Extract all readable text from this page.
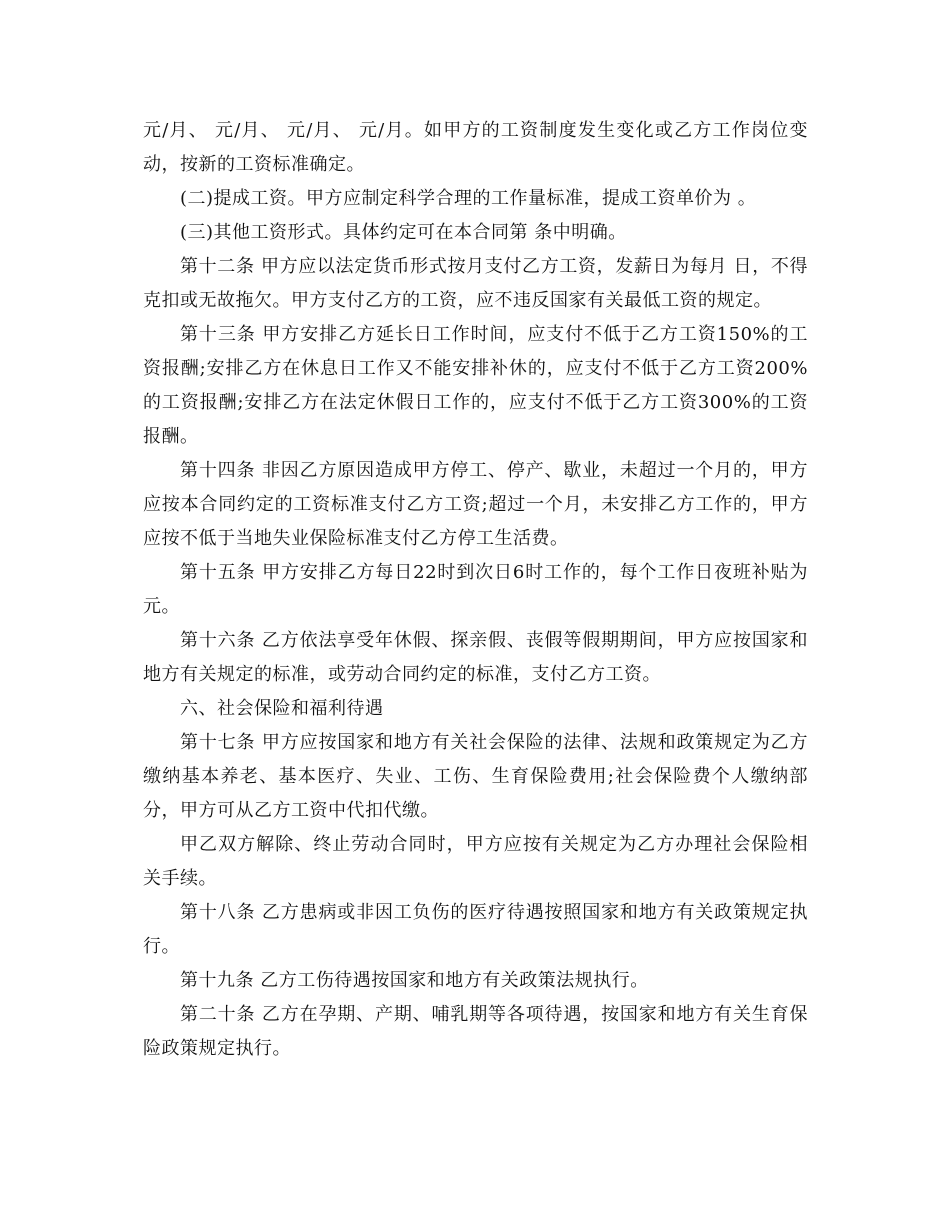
元/月、 元/月、 元/月、 元/月。如甲方的工资制度发生变化或乙方工作岗位变动，按新的工资标准确定。

(二)提成工资。甲方应制定科学合理的工作量标准，提成工资单价为 。

(三)其他工资形式。具体约定可在本合同第 条中明确。

第十二条 甲方应以法定货币形式按月支付乙方工资，发薪日为每月 日，不得克扣或无故拖欠。甲方支付乙方的工资，应不违反国家有关最低工资的规定。

第十三条 甲方安排乙方延长日工作时间，应支付不低于乙方工资150%的工资报酬;安排乙方在休息日工作又不能安排补休的，应支付不低于乙方工资200%的工资报酬;安排乙方在法定休假日工作的，应支付不低于乙方工资300%的工资报酬。

第十四条 非因乙方原因造成甲方停工、停产、歇业，未超过一个月的，甲方应按本合同约定的工资标准支付乙方工资;超过一个月，未安排乙方工作的，甲方应按不低于当地失业保险标准支付乙方停工生活费。

第十五条 甲方安排乙方每日22时到次日6时工作的，每个工作日夜班补贴为 元。

第十六条 乙方依法享受年休假、探亲假、丧假等假期期间，甲方应按国家和地方有关规定的标准，或劳动合同约定的标准，支付乙方工资。

六、社会保险和福利待遇

第十七条 甲方应按国家和地方有关社会保险的法律、法规和政策规定为乙方缴纳基本养老、基本医疗、失业、工伤、生育保险费用;社会保险费个人缴纳部分，甲方可从乙方工资中代扣代缴。

甲乙双方解除、终止劳动合同时，甲方应按有关规定为乙方办理社会保险相关手续。

第十八条 乙方患病或非因工负伤的医疗待遇按照国家和地方有关政策规定执行。

第十九条 乙方工伤待遇按国家和地方有关政策法规执行。

第二十条 乙方在孕期、产期、哺乳期等各项待遇，按国家和地方有关生育保险政策规定执行。
